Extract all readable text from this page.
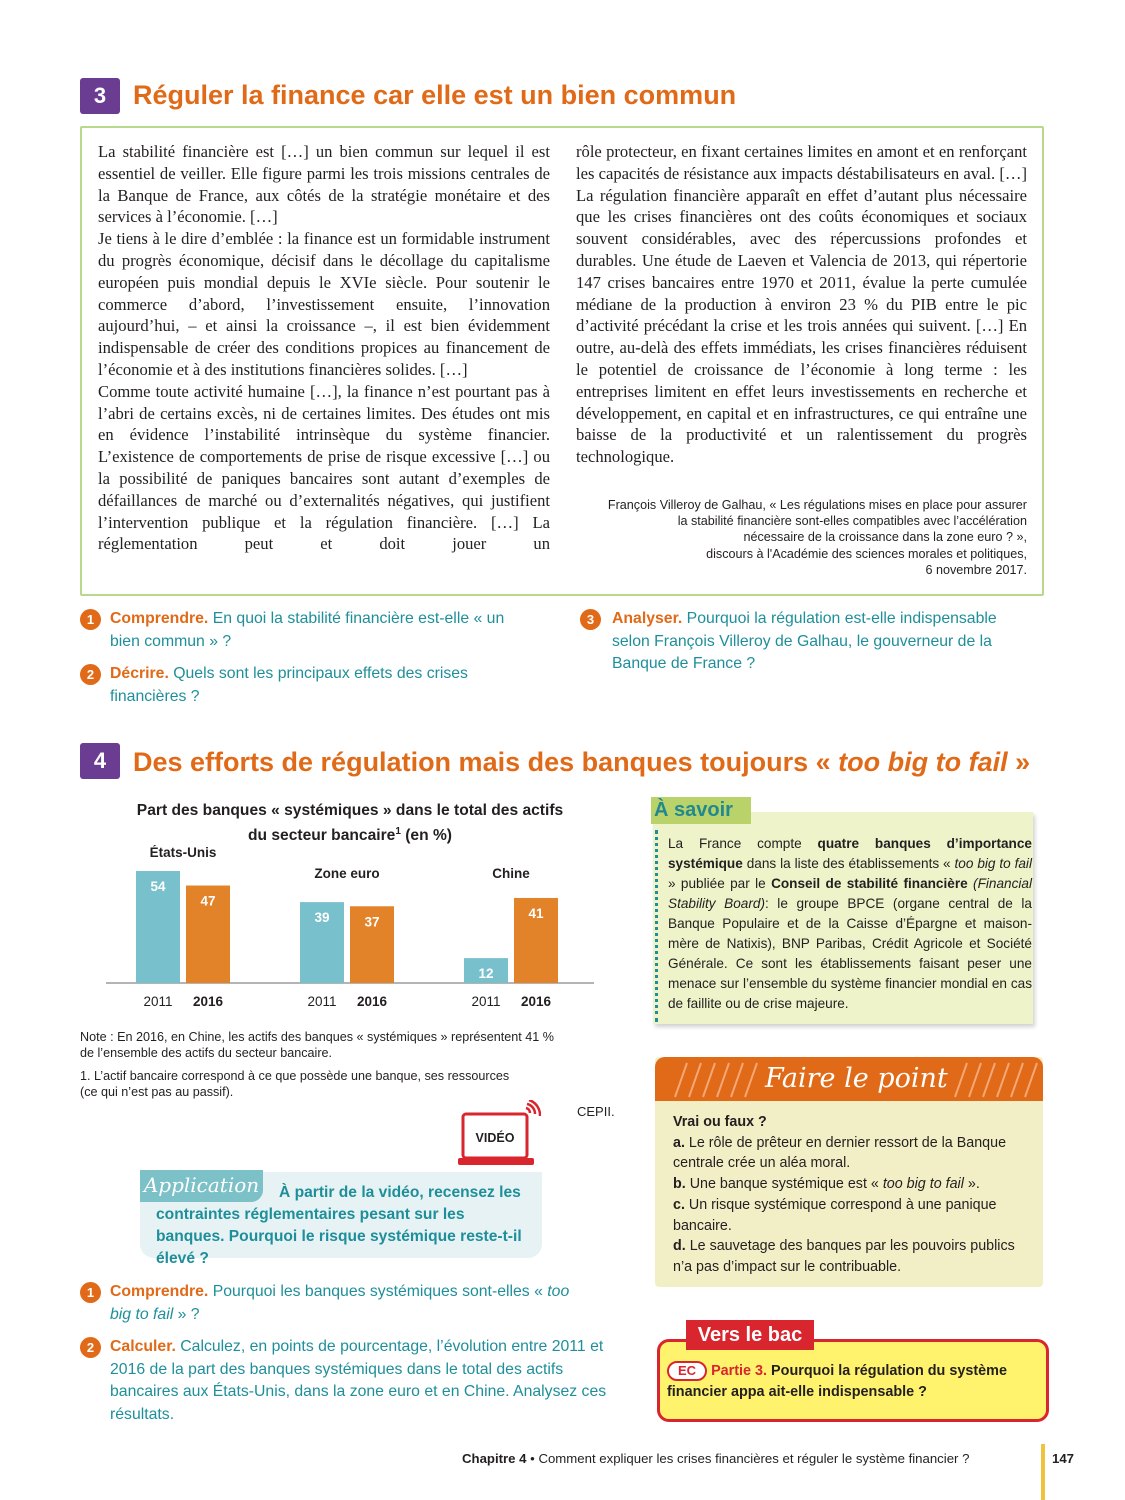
3 Réguler la finance car elle est un bien commun

La stabilité financière est […] un bien commun sur lequel il est essentiel de veiller. Elle figure parmi les trois missions centrales de la Banque de France, aux côtés de la stratégie monétaire et des services à l’économie. […]

Je tiens à le dire d’emblée : la finance est un formidable instrument du progrès économique, décisif dans le décollage du capitalisme européen puis mondial depuis le XVIe siècle. Pour soutenir le commerce d’abord, l’investissement ensuite, l’innovation aujourd’hui, – et ainsi la croissance –, il est bien évidemment indispensable de créer des conditions propices au financement de l’économie et à des institutions financières solides. […]

Comme toute activité humaine […], la finance n’est pourtant pas à l’abri de certains excès, ni de certaines limites. Des études ont mis en évidence l’instabilité intrinsèque du système financier. L’existence de comportements de prise de risque excessive […] ou la possibilité de paniques bancaires sont autant d’exemples de défaillances de marché ou d’externalités négatives, qui justifient l’intervention publique et la régulation financière. […] La réglementation peut et doit jouer un

rôle protecteur, en fixant certaines limites en amont et en renforçant les capacités de résistance aux impacts déstabilisateurs en aval. […] La régulation financière apparaît en effet d’autant plus nécessaire que les crises financières ont des coûts économiques et sociaux souvent considérables, avec des répercussions profondes et durables. Une étude de Laeven et Valencia de 2013, qui répertorie 147 crises bancaires entre 1970 et 2011, évalue la perte cumulée médiane de la production à environ 23 % du PIB entre le pic d’activité précédant la crise et les trois années qui suivent. […] En outre, au-delà des effets immédiats, les crises financières réduisent le potentiel de croissance de l’économie à long terme : les entreprises limitent en effet leurs investissements en recherche et développement, en capital et en infrastructures, ce qui entraîne une baisse de la productivité et un ralentissement du progrès technologique.

François Villeroy de Galhau, « Les régulations mises en place pour assurer
la stabilité financière sont-elles compatibles avec l’accélération
nécessaire de la croissance dans la zone euro ? »,
discours à l'Académie des sciences morales et politiques,
6 novembre 2017.
1	Comprendre. En quoi la stabilité financière est-elle « un bien commun » ?
2	Décrire. Quels sont les principaux effets des crises financières ?
3	Analyser. Pourquoi la régulation est-elle indispensable selon François Villeroy de Galhau, le gouverneur de la Banque de France ?
4 Des efforts de régulation mais des banques toujours « too big to fail »
Part des banques « systémiques » dans le total des actifs
du secteur bancaire$^1$ (en %)
54
2011
47
2016
États-Unis
39
2011
37
2016
Zone euro
12
2011
41
2016
Chine
Note : En 2016, en Chine, les actifs des banques « systémiques » représentent 41 %
de l’ensemble des actifs du secteur bancaire.
1. L’actif bancaire correspond à ce que possède une banque, ses ressources
(ce qui n’est pas au passif).
CEPII.
VIDÉO
Application	À partir de la vidéo, recensez les contraintes réglementaires pesant sur les banques. Pourquoi le risque systémique reste-t-il élevé ?
1	Comprendre. Pourquoi les banques systémiques sont-elles « too big to fail » ?
2	Calculer. Calculez, en points de pourcentage, l’évolution entre 2011 et 2016 de la part des banques systémiques dans le total des actifs bancaires aux États-Unis, dans la zone euro et en Chine. Analysez ces résultats.
À savoir
La France compte quatre banques d’importance systémique dans la liste des établissements « too big to fail » publiée par le Conseil de stabilité financière (Financial Stability Board): le groupe BPCE (organe central de la Banque Populaire et de la Caisse d’Épargne et maison-mère de Natixis), BNP Paribas, Crédit Agricole et Société Générale. Ce sont les établissements faisant peser une menace sur l’ensemble du système financier mondial en cas de faillite ou de crise majeure.
Faire le point
Vrai ou faux ?
a. Le rôle de prêteur en dernier ressort de la Banque centrale crée un aléa moral.
b. Une banque systémique est « too big to fail ».
c. Un risque systémique correspond à une panique bancaire.
d. Le sauvetage des banques par les pouvoirs publics n’a pas d’impact sur le contribuable.
Vers le bac
EC Partie 3. Pourquoi la régulation du système financier appa ait-elle indispensable ?
Chapitre 4 • Comment expliquer les crises financières et réguler le système financier ?	147
